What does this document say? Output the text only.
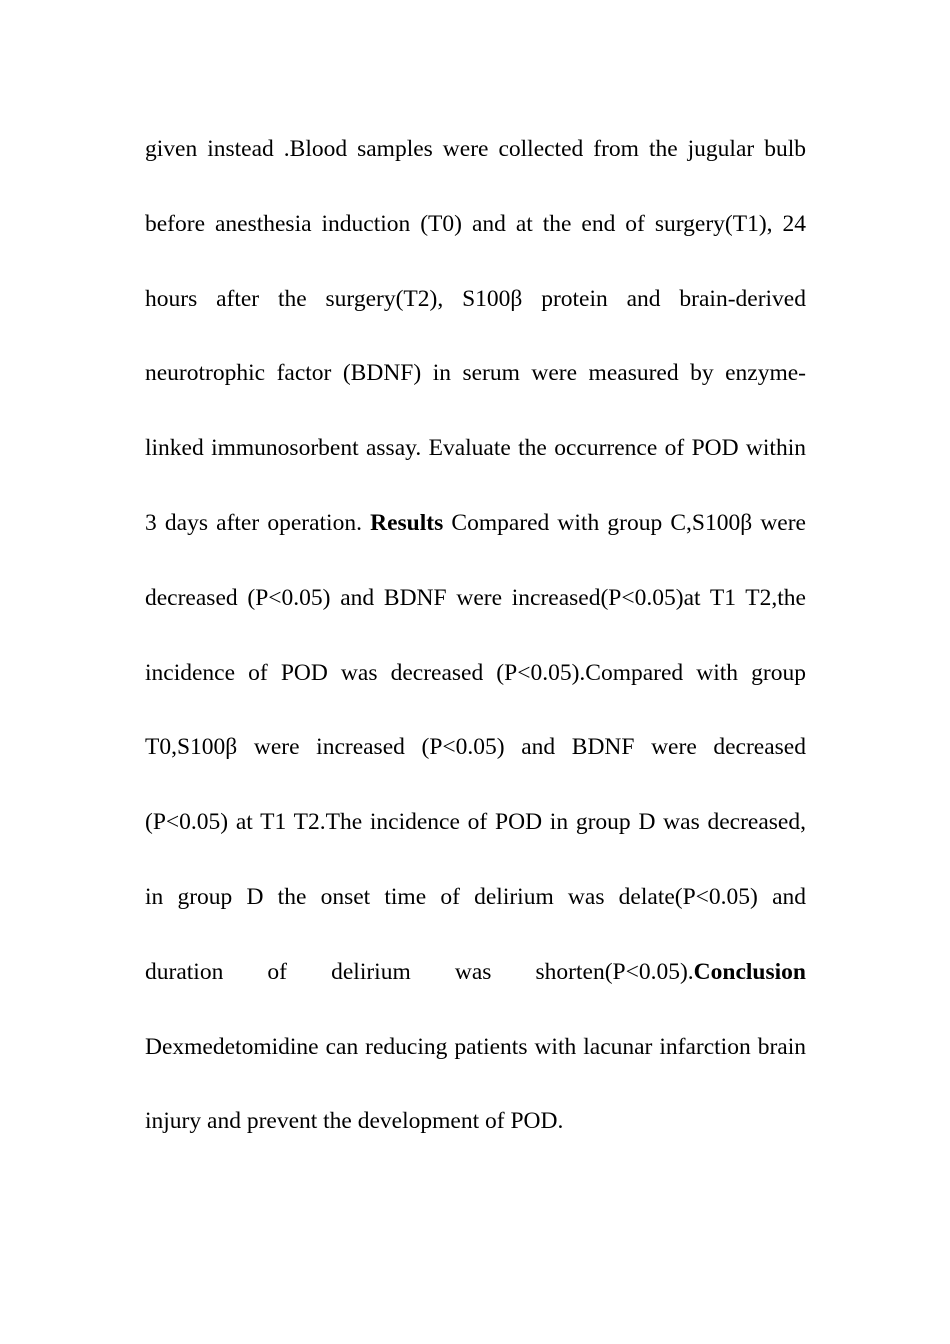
given instead .Blood samples were collected from the jugular bulb before anesthesia induction (T0) and at the end of surgery(T1), 24 hours after the surgery(T2), S100β protein and brain-derived neurotrophic factor (BDNF) in serum were measured by enzyme-linked immunosorbent assay. Evaluate the occurrence of POD within 3 days after operation. Results Compared with group C,S100β were decreased (P<0.05) and BDNF were increased(P<0.05)at T1 T2,the incidence of POD was decreased (P<0.05).Compared with group T0,S100β were increased (P<0.05) and BDNF were decreased (P<0.05) at T1 T2.The incidence of POD in group D was decreased, in group D the onset time of delirium was delate(P<0.05) and duration of delirium was shorten(P<0.05).Conclusion Dexmedetomidine can reducing patients with lacunar infarction brain injury and prevent the development of POD.
